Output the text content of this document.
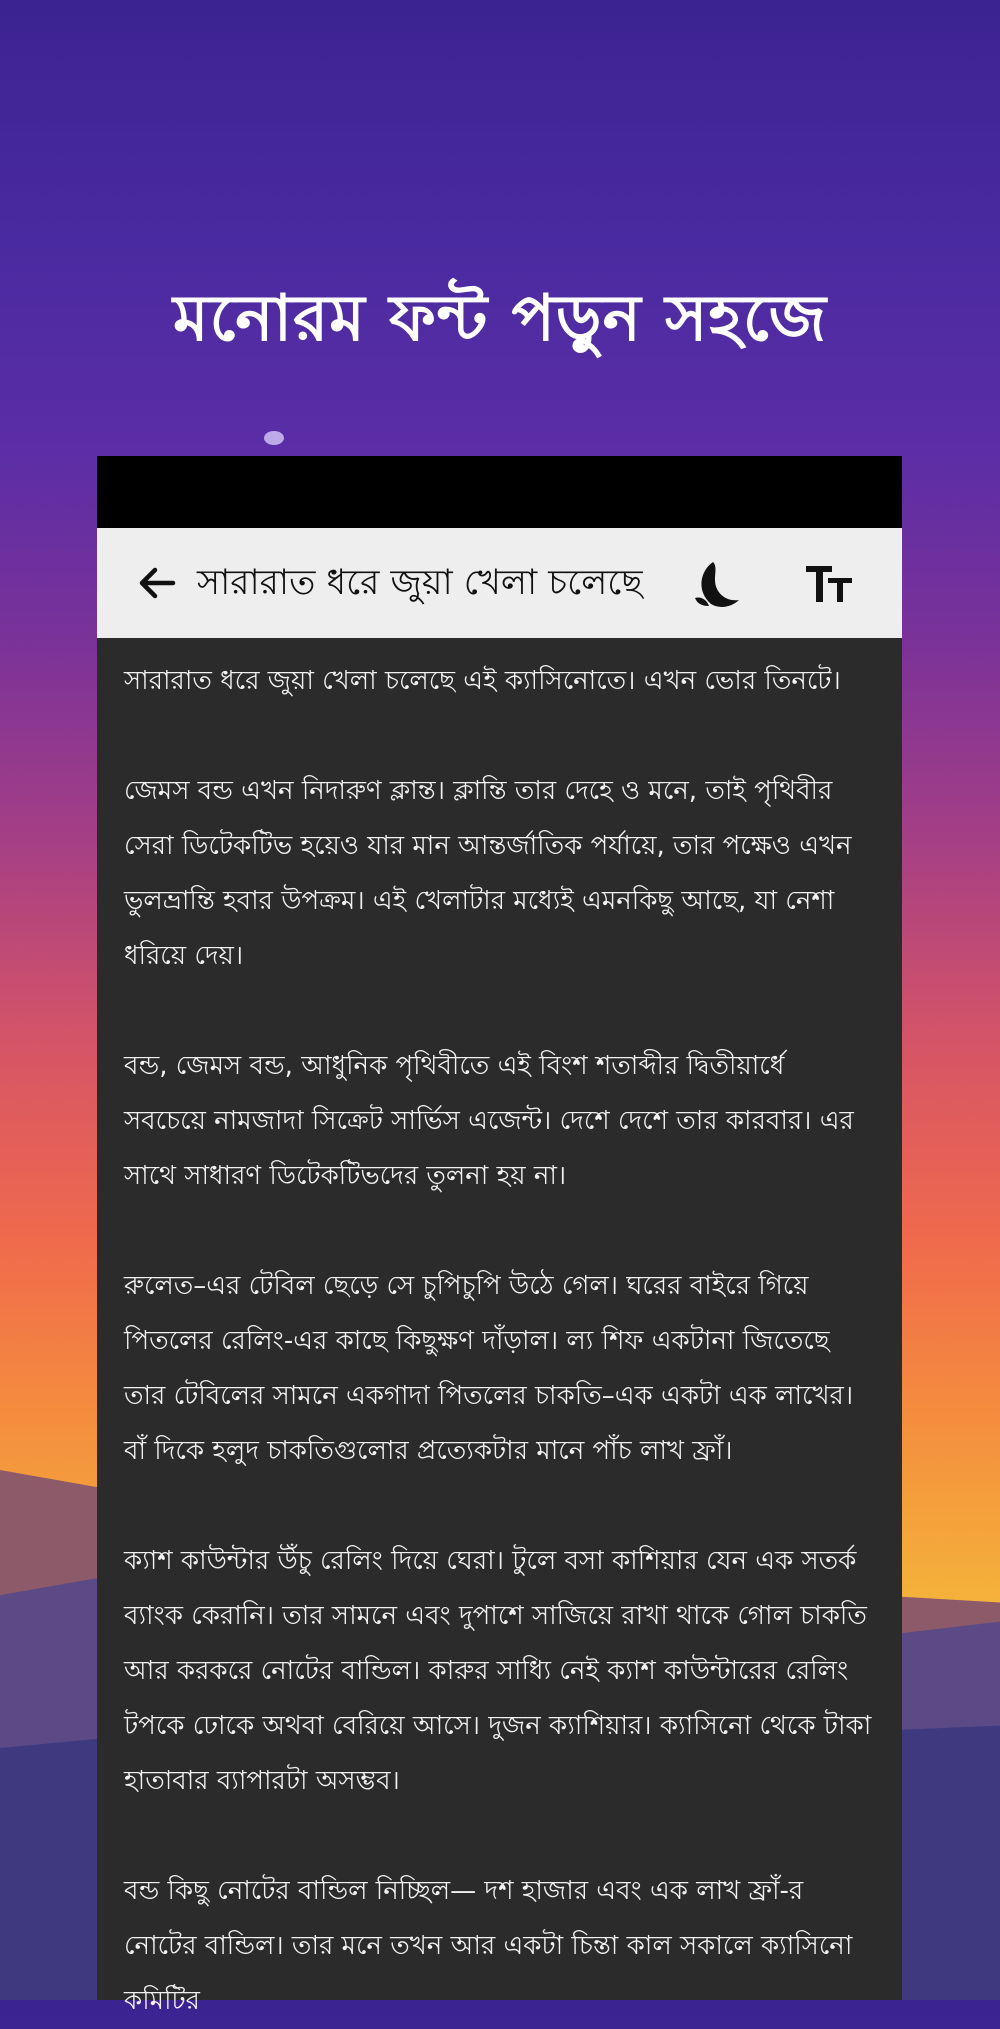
মনোরম ফন্ট পড়ুন সহজে
সারারাত ধরে জুয়া খেলা চলেছে

সারারাত ধরে জুয়া খেলা চলেছে এই ক্যাসিনোতে। এখন ভোর তিনটে।

জেমস বন্ড এখন নিদারুণ ক্লান্ত। ক্লান্তি তার দেহে ও মনে, তাই পৃথিবীর সেরা ডিটেকটিভ হয়েও যার মান আন্তর্জাতিক পর্যায়ে, তার পক্ষেও এখন ভুলভ্রান্তি হবার উপক্রম। এই খেলাটার মধ্যেই এমনকিছু আছে, যা নেশা ধরিয়ে দেয়।

বন্ড, জেমস বন্ড, আধুনিক পৃথিবীতে এই বিংশ শতাব্দীর দ্বিতীয়ার্ধে সবচেয়ে নামজাদা সিক্রেট সার্ভিস এজেন্ট। দেশে দেশে তার কারবার। এর সাথে সাধারণ ডিটেকটিভদের তুলনা হয় না।

রুলেত–এর টেবিল ছেড়ে সে চুপিচুপি উঠে গেল। ঘরের বাইরে গিয়ে পিতলের রেলিং-এর কাছে কিছুক্ষণ দাঁড়াল। ল্য শিফ একটানা জিতেছে তার টেবিলের সামনে একগাদা পিতলের চাকতি–এক একটা এক লাখের। বাঁ দিকে হলুদ চাকতিগুলোর প্রত্যেকটার মানে পাঁচ লাখ ফ্রাঁ।

ক্যাশ কাউন্টার উঁচু রেলিং দিয়ে ঘেরা। টুলে বসা কাশিয়ার যেন এক সতর্ক ব্যাংক কেরানি। তার সামনে এবং দুপাশে সাজিয়ে রাখা থাকে গোল চাকতি আর করকরে নোটের বান্ডিল। কারুর সাধ্যি নেই ক্যাশ কাউন্টারের রেলিং টপকে ঢোকে অথবা বেরিয়ে আসে। দুজন ক্যাশিয়ার। ক্যাসিনো থেকে টাকা হাতাবার ব্যাপারটা অসম্ভব।

বন্ড কিছু নোটের বান্ডিল নিচ্ছিল— দশ হাজার এবং এক লাখ ফ্রাঁ-র নোটের বান্ডিল। তার মনে তখন আর একটা চিন্তা কাল সকালে ক্যাসিনো কমিটির
